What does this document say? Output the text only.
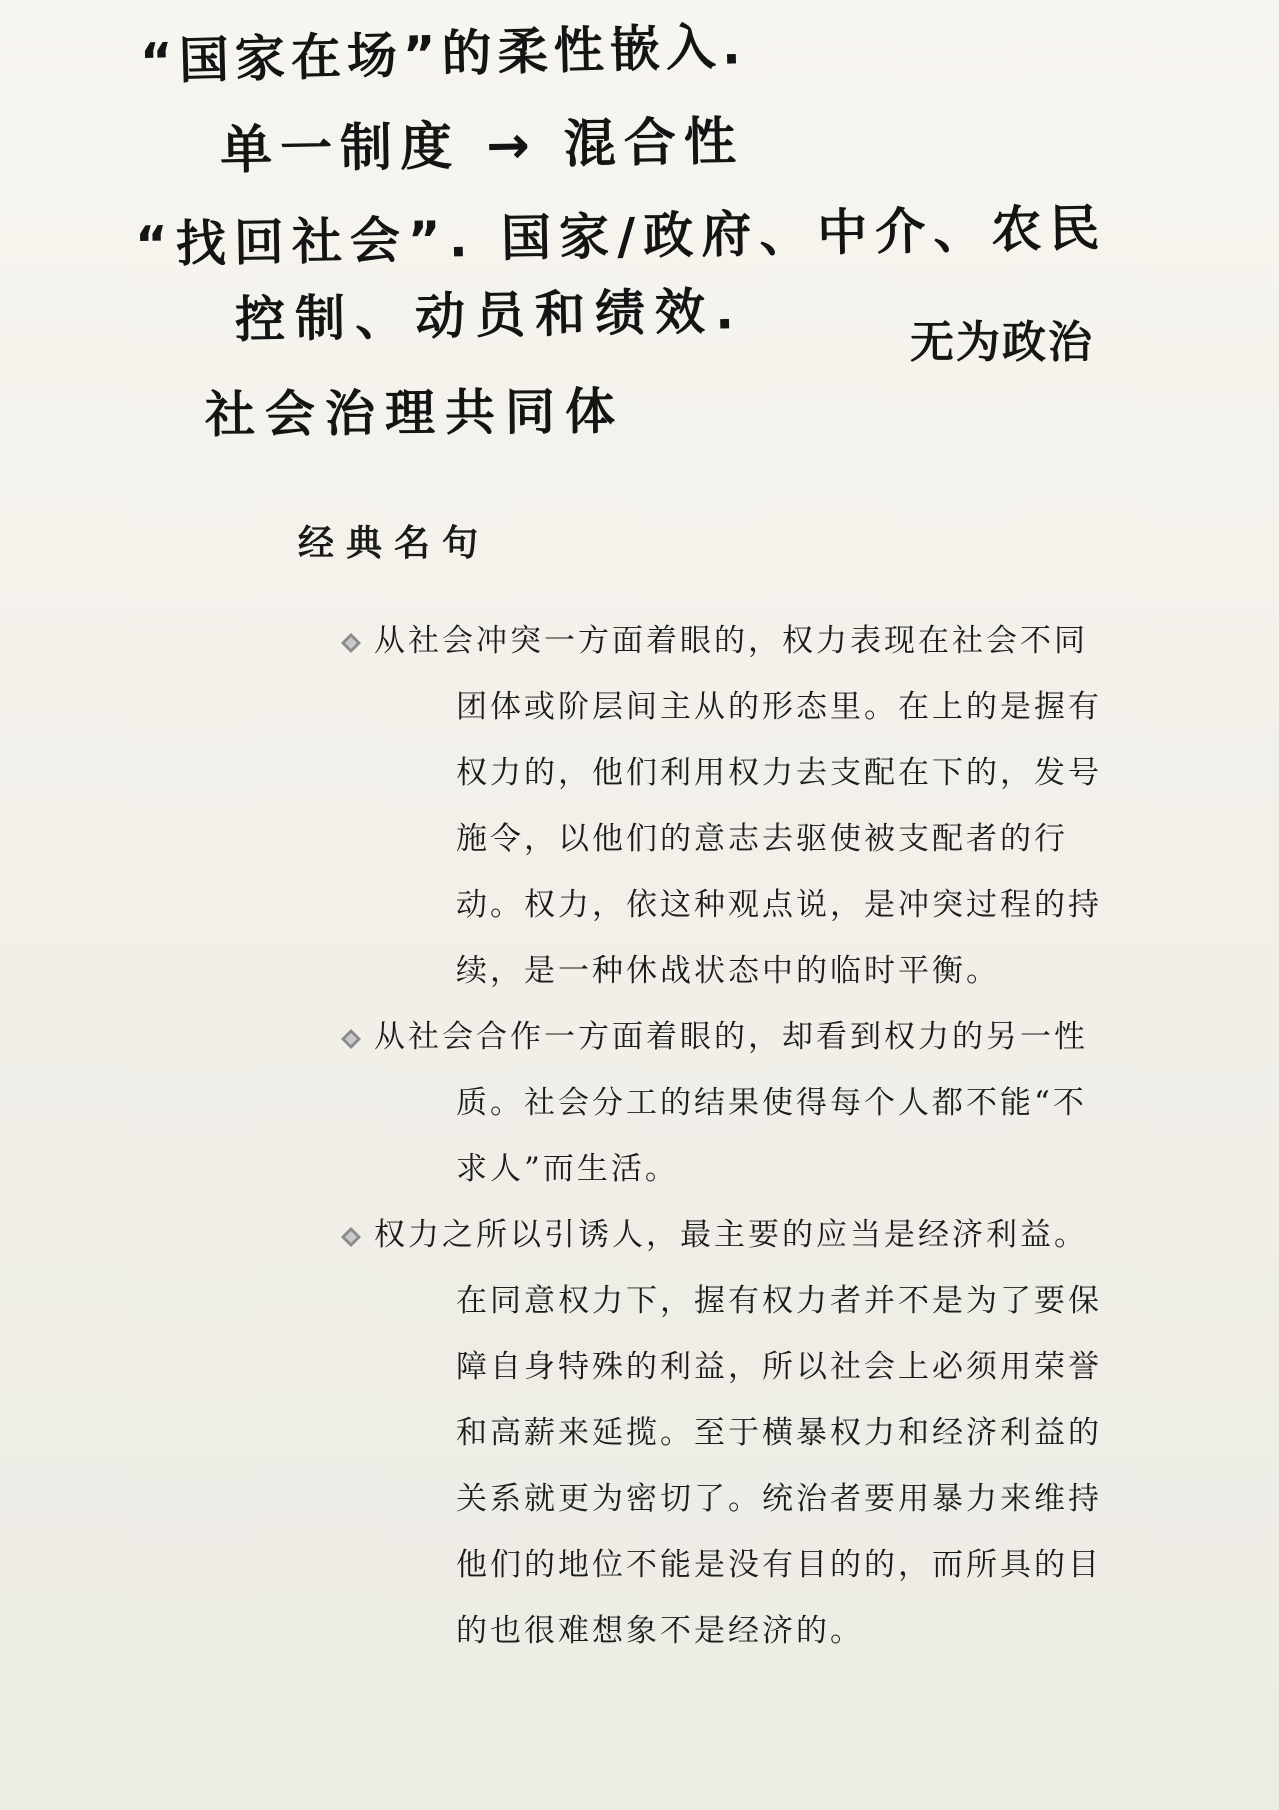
“国家在场”的柔性嵌入.
单一制度 → 混合性
“找回社会”. 国家/政府、中介、农民
控制、动员和绩效.
社会治理共同体
无为政治
经典名句
从社会冲突一方面着眼的，权力表现在社会不同
团体或阶层间主从的形态里。在上的是握有
权力的，他们利用权力去支配在下的，发号
施令，以他们的意志去驱使被支配者的行
动。权力，依这种观点说，是冲突过程的持
续，是一种休战状态中的临时平衡。
从社会合作一方面着眼的，却看到权力的另一性
质。社会分工的结果使得每个人都不能“不
求人”而生活。
权力之所以引诱人，最主要的应当是经济利益。
在同意权力下，握有权力者并不是为了要保
障自身特殊的利益，所以社会上必须用荣誉
和高薪来延揽。至于横暴权力和经济利益的
关系就更为密切了。统治者要用暴力来维持
他们的地位不能是没有目的的，而所具的目
的也很难想象不是经济的。
